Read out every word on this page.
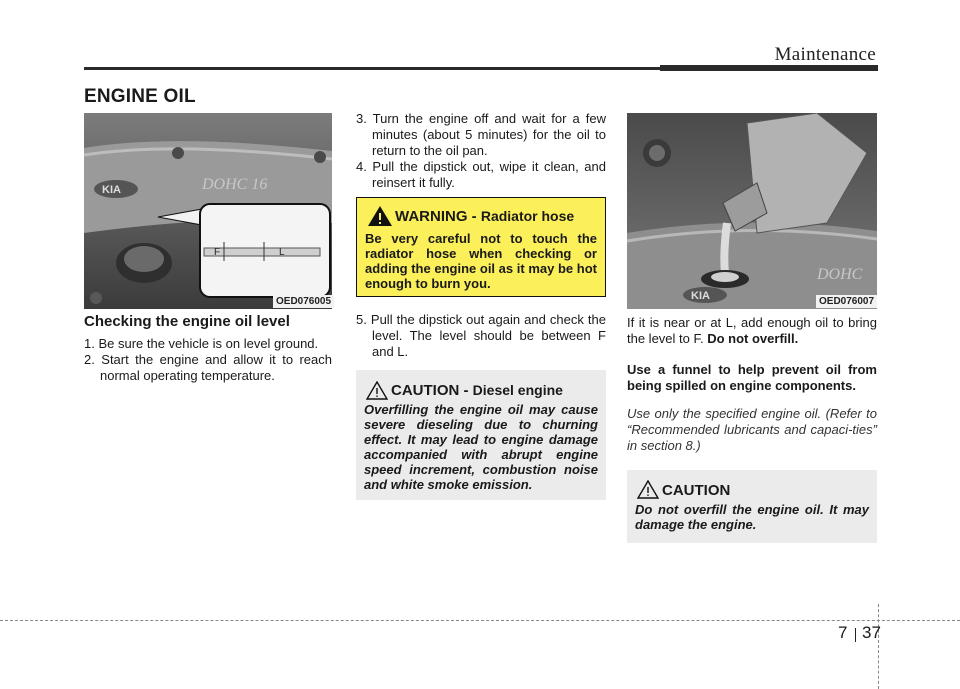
Maintenance
ENGINE OIL
KIA	DOHC 16
F	L
OED076005	KIA
DOHC
OED076007
Checking the engine oil level
1. Be sure the vehicle is on level ground.
2. Start the engine and allow it to reach normal operating temperature.
3. Turn the engine off and wait for a few minutes (about 5 minutes) for the oil to return to the oil pan.
4. Pull the dipstick out, wipe it clean, and reinsert it fully.
WARNING - Radiator hose
Be very careful not to touch the radiator hose when checking or adding the engine oil as it may be hot enough to burn you.
5. Pull the dipstick out again and check the level. The level should be between F and L.
CAUTION - Diesel engine
Overfilling the engine oil may cause severe dieseling due to churning effect. It may lead to engine damage accompanied with abrupt engine speed increment, combustion noise and white smoke emission.
If it is near or at L, add enough oil to bring the level to F. Do not overfill.
Use a funnel to help prevent oil from being spilled on engine components.
Use only the specified engine oil. (Refer to “Recommended lubricants and capaci-ties” in section 8.)
CAUTION
Do not overfill the engine oil. It may damage the engine.
7 37
